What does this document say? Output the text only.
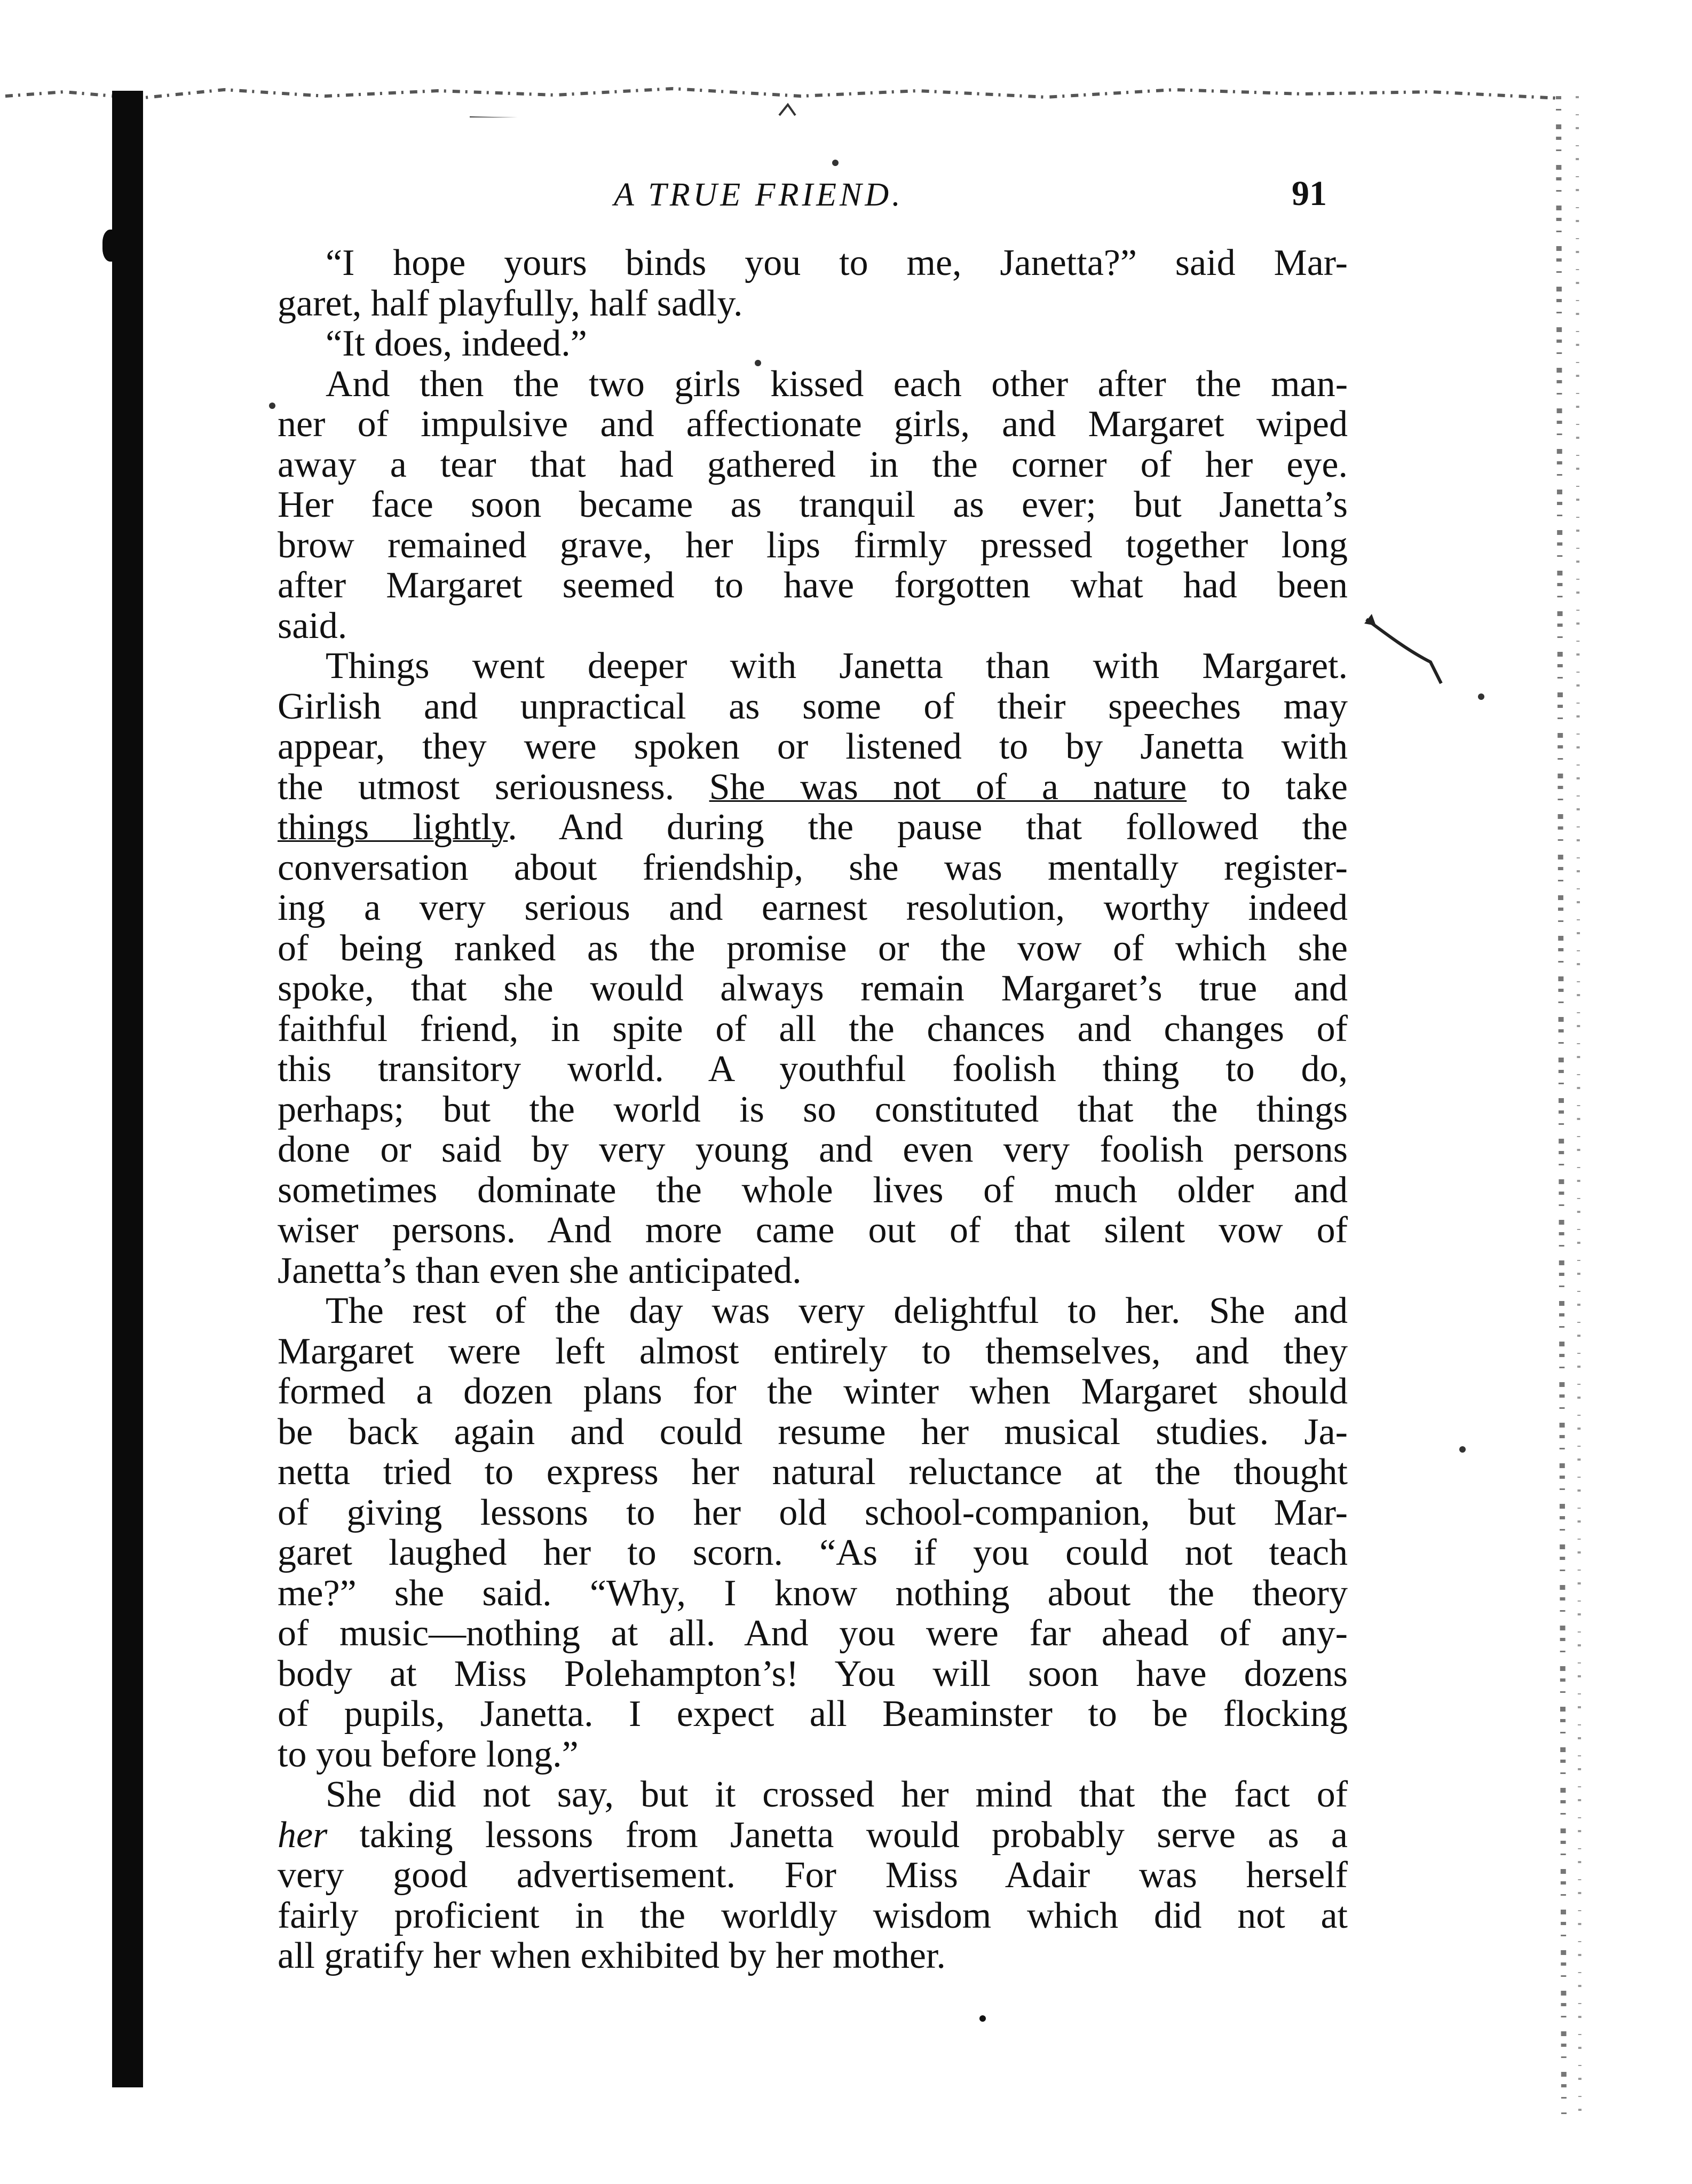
A TRUE FRIEND.	91
“I hope yours binds you to me, Janetta?” said Mar-
garet, half playfully, half sadly.
“It does, indeed.”
And then the two girls kissed each other after the man-
ner of impulsive and affectionate girls, and Margaret wiped
away a tear that had gathered in the corner of her eye.
Her face soon became as tranquil as ever; but Janetta’s
brow remained grave, her lips firmly pressed together long
after Margaret seemed to have forgotten what had been
said.
Things went deeper with Janetta than with Margaret.
Girlish and unpractical as some of their speeches may
appear, they were spoken or listened to by Janetta with
the utmost seriousness. She was not of a nature to take
things lightly. And during the pause that followed the
conversation about friendship, she was mentally register-
ing a very serious and earnest resolution, worthy indeed
of being ranked as the promise or the vow of which she
spoke, that she would always remain Margaret’s true and
faithful friend, in spite of all the chances and changes of
this transitory world. A youthful foolish thing to do,
perhaps; but the world is so constituted that the things
done or said by very young and even very foolish persons
sometimes dominate the whole lives of much older and
wiser persons. And more came out of that silent vow of
Janetta’s than even she anticipated.
The rest of the day was very delightful to her. She and
Margaret were left almost entirely to themselves, and they
formed a dozen plans for the winter when Margaret should
be back again and could resume her musical studies. Ja-
netta tried to express her natural reluctance at the thought
of giving lessons to her old school-companion, but Mar-
garet laughed her to scorn. “As if you could not teach
me?” she said. “Why, I know nothing about the theory
of music—nothing at all. And you were far ahead of any-
body at Miss Polehampton’s! You will soon have dozens
of pupils, Janetta. I expect all Beaminster to be flocking
to you before long.”
She did not say, but it crossed her mind that the fact of
her taking lessons from Janetta would probably serve as a
very good advertisement. For Miss Adair was herself
fairly proficient in the worldly wisdom which did not at
all gratify her when exhibited by her mother.
